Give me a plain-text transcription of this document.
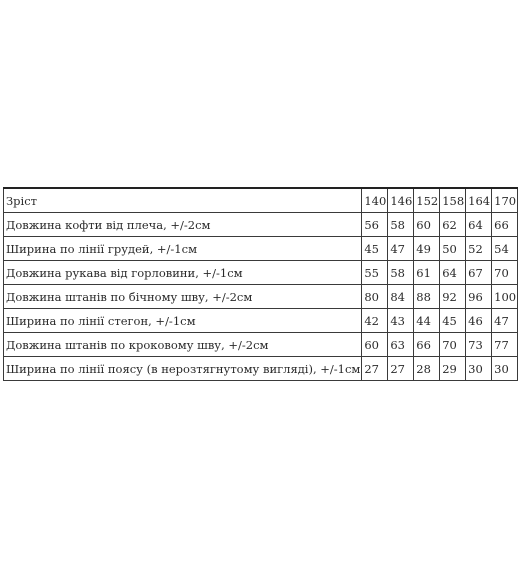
Зріст	140	146	152	158	164	170
Довжина кофти від плеча, +/-2см	56	58	60	62	64	66
Ширина по лінії грудей, +/-1см	45	47	49	50	52	54
Довжина рукава від горловини, +/-1см	55	58	61	64	67	70
Довжина штанів по бічному шву, +/-2см	80	84	88	92	96	100
Ширина по лінії стегон, +/-1см	42	43	44	45	46	47
Довжина штанів по кроковому шву, +/-2см	60	63	66	70	73	77
Ширина по лінії поясу (в нерозтягнутому вигляді), +/-1см	27	27	28	29	30	30
